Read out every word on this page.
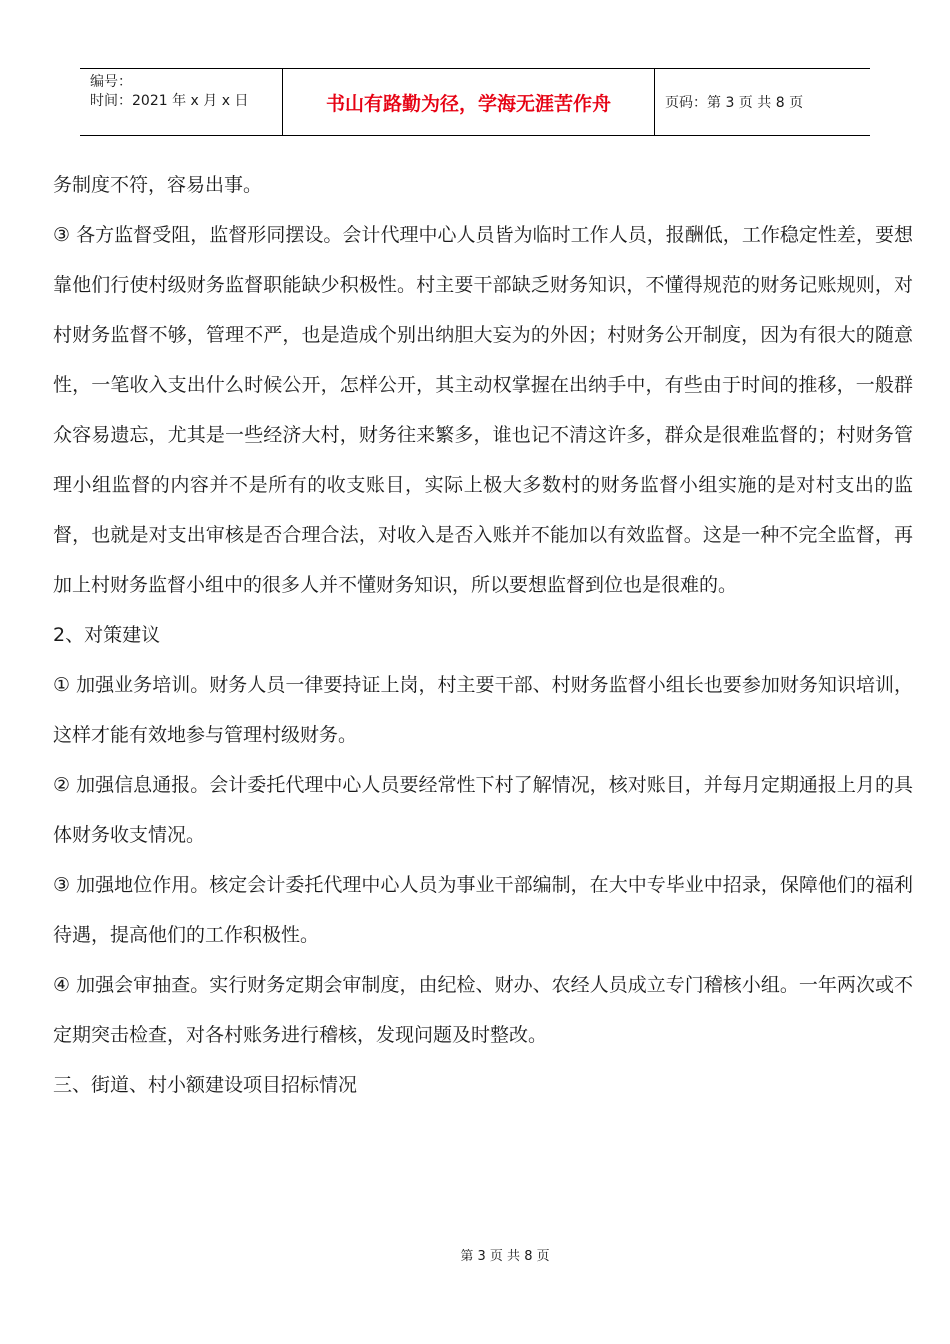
编号：
时间：2021 年 x 月 x 日	书山有路勤为径，学海无涯苦作舟	页码：第 3 页 共 8 页

务制度不符，容易出事。

③ 各方监督受阻，监督形同摆设。会计代理中心人员皆为临时工作人员，报酬低，工作稳定性差，要想靠他们行使村级财务监督职能缺少积极性。村主要干部缺乏财务知识，不懂得规范的财务记账规则，对村财务监督不够，管理不严，也是造成个别出纳胆大妄为的外因；村财务公开制度，因为有很大的随意性，一笔收入支出什么时候公开，怎样公开，其主动权掌握在出纳手中，有些由于时间的推移，一般群众容易遗忘，尤其是一些经济大村，财务往来繁多，谁也记不清这许多，群众是很难监督的；村财务管理小组监督的内容并不是所有的收支账目，实际上极大多数村的财务监督小组实施的是对村支出的监督，也就是对支出审核是否合理合法，对收入是否入账并不能加以有效监督。这是一种不完全监督，再加上村财务监督小组中的很多人并不懂财务知识，所以要想监督到位也是很难的。

2、对策建议

① 加强业务培训。财务人员一律要持证上岗，村主要干部、村财务监督小组长也要参加财务知识培训，这样才能有效地参与管理村级财务。

② 加强信息通报。会计委托代理中心人员要经常性下村了解情况，核对账目，并每月定期通报上月的具体财务收支情况。

③ 加强地位作用。核定会计委托代理中心人员为事业干部编制，在大中专毕业中招录，保障他们的福利待遇，提高他们的工作积极性。

④ 加强会审抽查。实行财务定期会审制度，由纪检、财办、农经人员成立专门稽核小组。一年两次或不定期突击检查，对各村账务进行稽核，发现问题及时整改。

三、街道、村小额建设项目招标情况

第 3 页 共 8 页
